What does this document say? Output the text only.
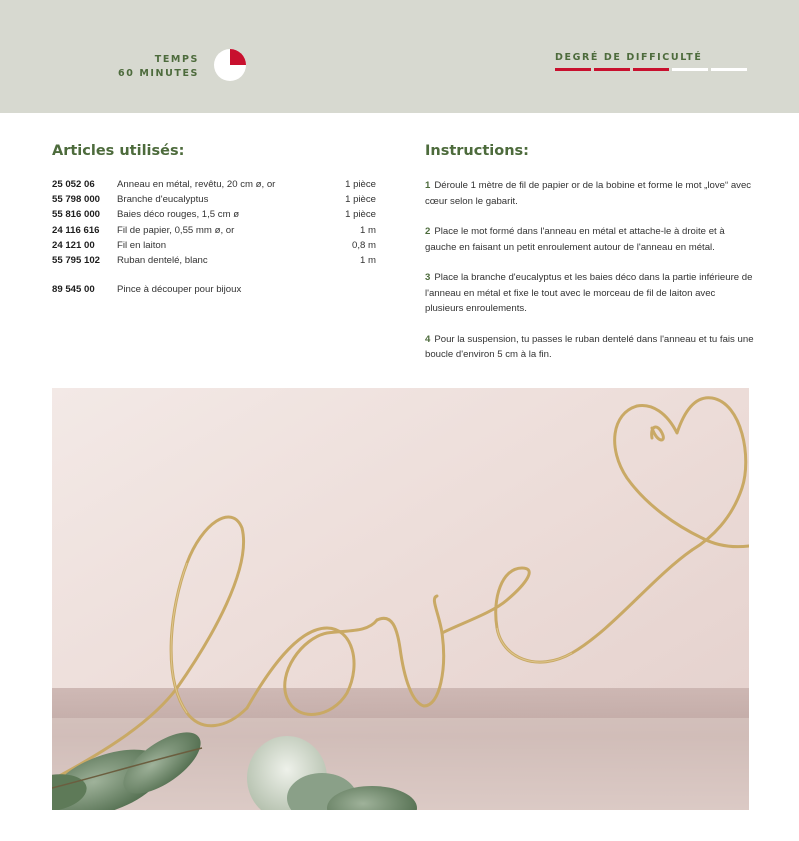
TEMPS
60 MINUTES
DEGRÉ DE DIFFICULTÉ
Articles utilisés:	Instructions:
25 052 06	Anneau en métal, revêtu, 20 cm ø, or	1 pièce
55 798 000	Branche d'eucalyptus	1 pièce
55 816 000	Baies déco rouges, 1,5 cm ø	1 pièce
24 116 616	Fil de papier, 0,55 mm ø, or	1 m
24 121 00	Fil en laiton	0,8 m
55 795 102	Ruban dentelé, blanc	1 m
89 545 00	Pince à découper pour bijoux

1 Déroule 1 mètre de fil de papier or de la bobine et forme le mot „love“ avec cœur selon le gabarit.

2 Place le mot formé dans l'anneau en métal et attache-le à droite et à gauche en faisant un petit enroulement autour de l'anneau en métal.

3 Place la branche d'eucalyptus et les baies déco dans la partie inférieure de l'anneau en métal et fixe le tout avec le morceau de fil de laiton avec plusieurs enroulements.

4 Pour la suspension, tu passes le ruban dentelé dans l'anneau et tu fais une boucle d'environ 5 cm à la fin.
